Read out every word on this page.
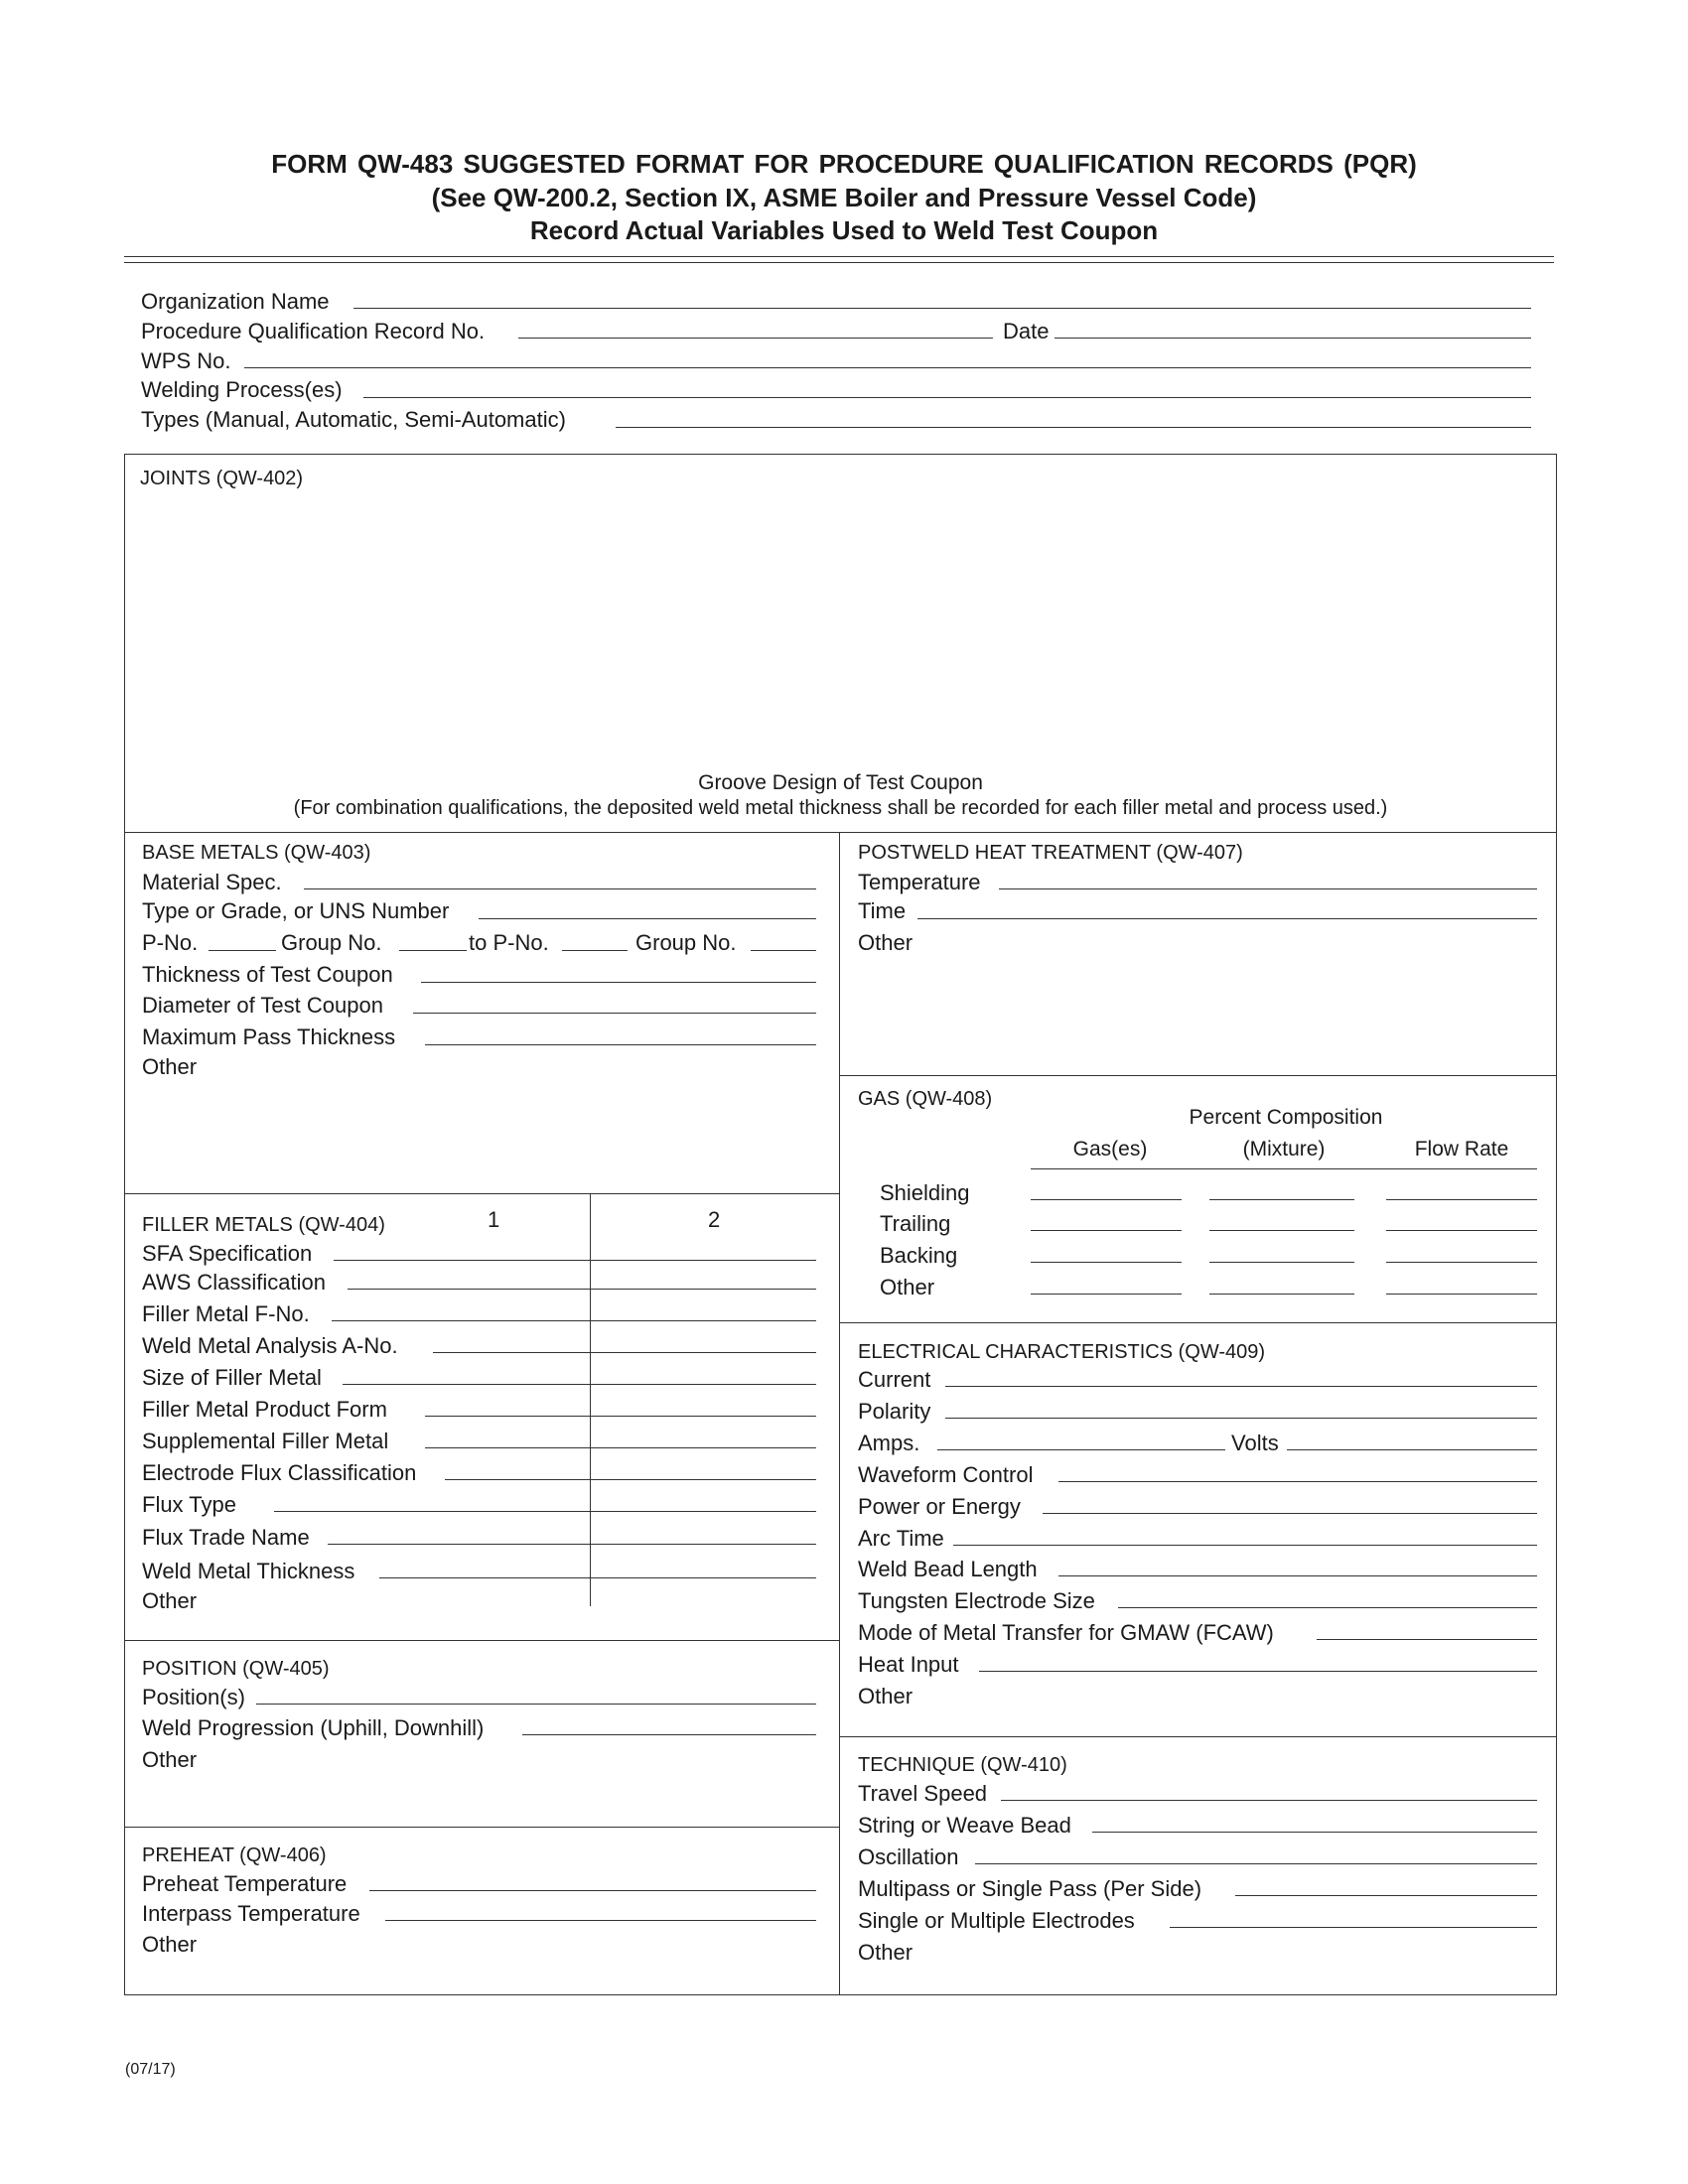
FORM QW-483 SUGGESTED FORMAT FOR PROCEDURE QUALIFICATION RECORDS (PQR)
(See QW-200.2, Section IX, ASME Boiler and Pressure Vessel Code)
Record Actual Variables Used to Weld Test Coupon
Organization Name
Procedure Qualification Record No.	Date
WPS No.
Welding Process(es)
Types (Manual, Automatic, Semi-Automatic)
JOINTS (QW-402)
Groove Design of Test Coupon
(For combination qualifications, the deposited weld metal thickness shall be recorded for each filler metal and process used.)
BASE METALS (QW-403)
Material Spec.
Type or Grade, or UNS Number
P-No.	Group No.	to P-No.	Group No.
Thickness of Test Coupon
Diameter of Test Coupon
Maximum Pass Thickness
Other
FILLER METALS (QW-404)	1	2
SFA Specification
AWS Classification
Filler Metal F-No.
Weld Metal Analysis A-No.
Size of Filler Metal
Filler Metal Product Form
Supplemental Filler Metal
Electrode Flux Classification
Flux Type
Flux Trade Name
Weld Metal Thickness
Other
POSITION (QW-405)
Position(s)
Weld Progression (Uphill, Downhill)
Other
PREHEAT (QW-406)
Preheat Temperature
Interpass Temperature
Other
POSTWELD HEAT TREATMENT (QW-407)
Temperature
Time
Other
GAS (QW-408)
Percent Composition
Gas(es)	(Mixture)	Flow Rate
Shielding
Trailing
Backing
Other
ELECTRICAL CHARACTERISTICS (QW-409)
Current
Polarity
Amps.	Volts
Waveform Control
Power or Energy
Arc Time
Weld Bead Length
Tungsten Electrode Size
Mode of Metal Transfer for GMAW (FCAW)
Heat Input
Other
TECHNIQUE (QW-410)
Travel Speed
String or Weave Bead
Oscillation
Multipass or Single Pass (Per Side)
Single or Multiple Electrodes
Other
(07/17)
